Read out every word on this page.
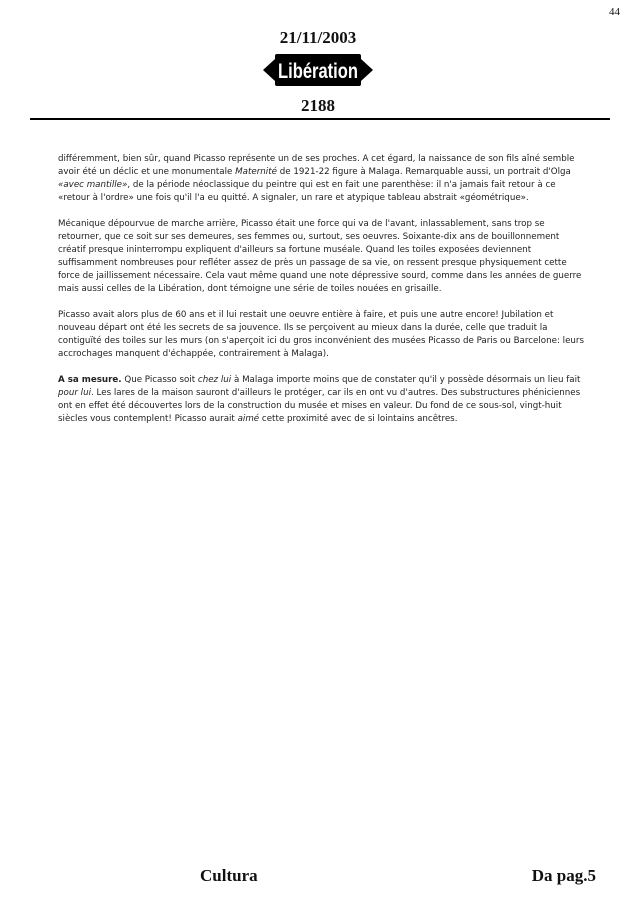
44
21/11/2003
Libération
2188

différemment, bien sûr, quand Picasso représente un de ses proches. A cet égard, la naissance de son fils aîné semble avoir été un déclic et une monumentale Maternité de 1921-22 figure à Malaga. Remarquable aussi, un portrait d'Olga «avec mantille», de la période néoclassique du peintre qui est en fait une parenthèse: il n'a jamais fait retour à ce «retour à l'ordre» une fois qu'il l'a eu quitté. A signaler, un rare et atypique tableau abstrait «géométrique».

Mécanique dépourvue de marche arrière, Picasso était une force qui va de l'avant, inlassablement, sans trop se retourner, que ce soit sur ses demeures, ses femmes ou, surtout, ses oeuvres. Soixante-dix ans de bouillonnement créatif presque ininterrompu expliquent d'ailleurs sa fortune muséale. Quand les toiles exposées deviennent suffisamment nombreuses pour refléter assez de près un passage de sa vie, on ressent presque physiquement cette force de jaillissement nécessaire. Cela vaut même quand une note dépressive sourd, comme dans les années de guerre mais aussi celles de la Libération, dont témoigne une série de toiles nouées en grisaille.

Picasso avait alors plus de 60 ans et il lui restait une oeuvre entière à faire, et puis une autre encore! Jubilation et nouveau départ ont été les secrets de sa jouvence. Ils se perçoivent au mieux dans la durée, celle que traduit la contiguïté des toiles sur les murs (on s'aperçoit ici du gros inconvénient des musées Picasso de Paris ou Barcelone: leurs accrochages manquent d'échappée, contrairement à Malaga).

A sa mesure. Que Picasso soit chez lui à Malaga importe moins que de constater qu'il y possède désormais un lieu fait pour lui. Les lares de la maison sauront d'ailleurs le protéger, car ils en ont vu d'autres. Des substructures phéniciennes ont en effet été découvertes lors de la construction du musée et mises en valeur. Du fond de ce sous-sol, vingt-huit siècles vous contemplent! Picasso aurait aimé cette proximité avec de si lointains ancêtres.

Cultura	Da pag.5
